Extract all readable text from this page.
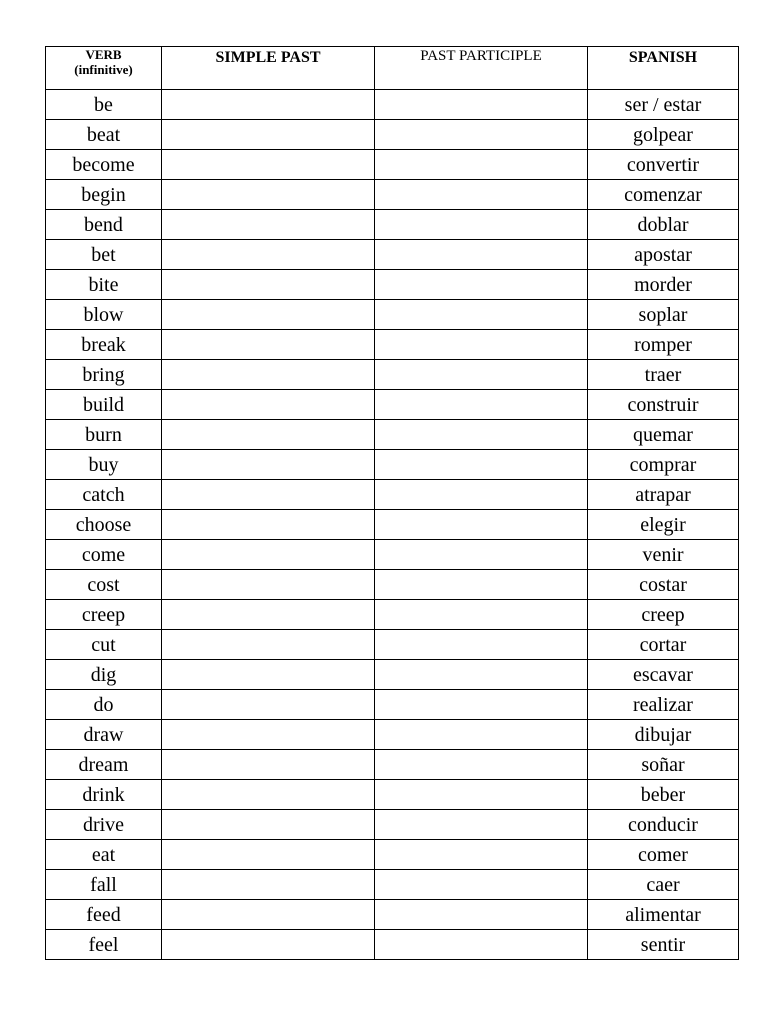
VERB
(infinitive)	SIMPLE PAST	PAST PARTICIPLE	SPANISH
be			ser / estar
beat			golpear
become			convertir
begin			comenzar
bend			doblar
bet			apostar
bite			morder
blow			soplar
break			romper
bring			traer
build			construir
burn			quemar
buy			comprar
catch			atrapar
choose			elegir
come			venir
cost			costar
creep			creep
cut			cortar
dig			escavar
do			realizar
draw			dibujar
dream			soñar
drink			beber
drive			conducir
eat			comer
fall			caer
feed			alimentar
feel			sentir
